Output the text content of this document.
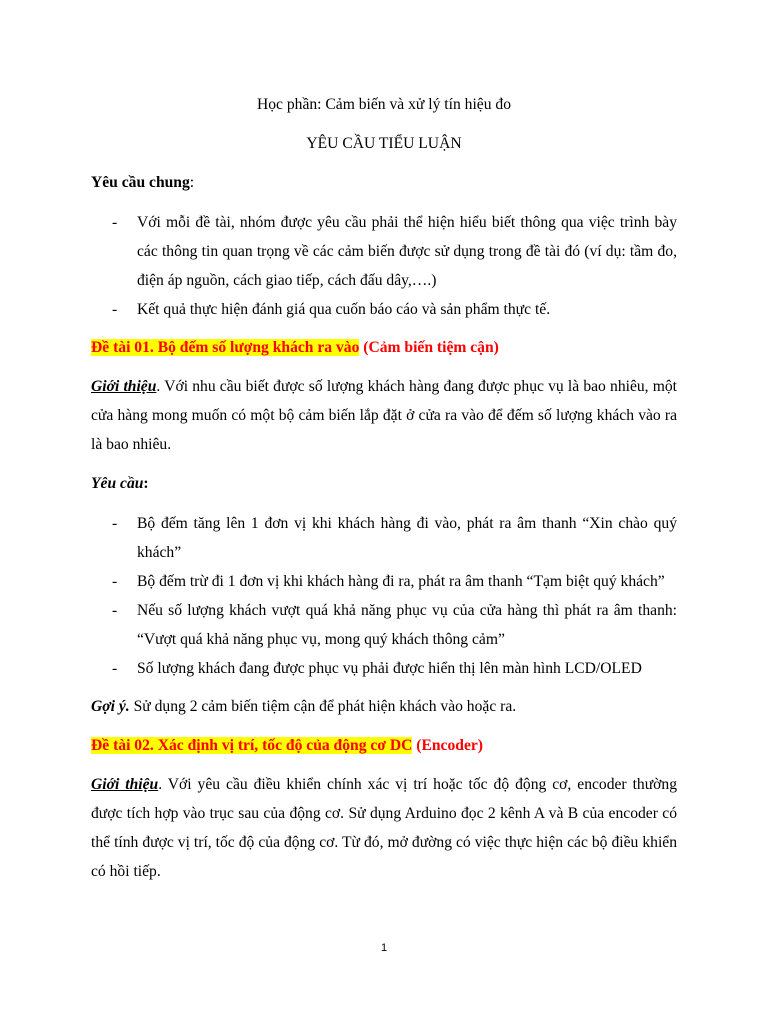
Học phần: Cảm biến và xử lý tín hiệu đo

YÊU CẦU TIỂU LUẬN

Yêu cầu chung:

- Với mỗi đề tài, nhóm được yêu cầu phải thể hiện hiểu biết thông qua việc trình bày các thông tin quan trọng về các cảm biến được sử dụng trong đề tài đó (ví dụ: tầm đo, điện áp nguồn, cách giao tiếp, cách đấu dây,….)
- Kết quả thực hiện đánh giá qua cuốn báo cáo và sản phẩm thực tế.

Đề tài 01. Bộ đếm số lượng khách ra vào (Cảm biến tiệm cận)

Giới thiệu. Với nhu cầu biết được số lượng khách hàng đang được phục vụ là bao nhiêu, một cửa hàng mong muốn có một bộ cảm biến lắp đặt ở cửa ra vào để đếm số lượng khách vào ra là bao nhiêu.

Yêu cầu:

- Bộ đếm tăng lên 1 đơn vị khi khách hàng đi vào, phát ra âm thanh “Xin chào quý khách”
- Bộ đếm trừ đi 1 đơn vị khi khách hàng đi ra, phát ra âm thanh “Tạm biệt quý khách”
- Nếu số lượng khách vượt quá khả năng phục vụ của cửa hàng thì phát ra âm thanh: “Vượt quá khả năng phục vụ, mong quý khách thông cảm”
- Số lượng khách đang được phục vụ phải được hiển thị lên màn hình LCD/OLED

Gợi ý. Sử dụng 2 cảm biến tiệm cận để phát hiện khách vào hoặc ra.

Đề tài 02. Xác định vị trí, tốc độ của động cơ DC (Encoder)

Giới thiệu. Với yêu cầu điều khiển chính xác vị trí hoặc tốc độ động cơ, encoder thường được tích hợp vào trục sau của động cơ. Sử dụng Arduino đọc 2 kênh A và B của encoder có thể tính được vị trí, tốc độ của động cơ. Từ đó, mở đường có việc thực hiện các bộ điều khiển có hồi tiếp.

1
